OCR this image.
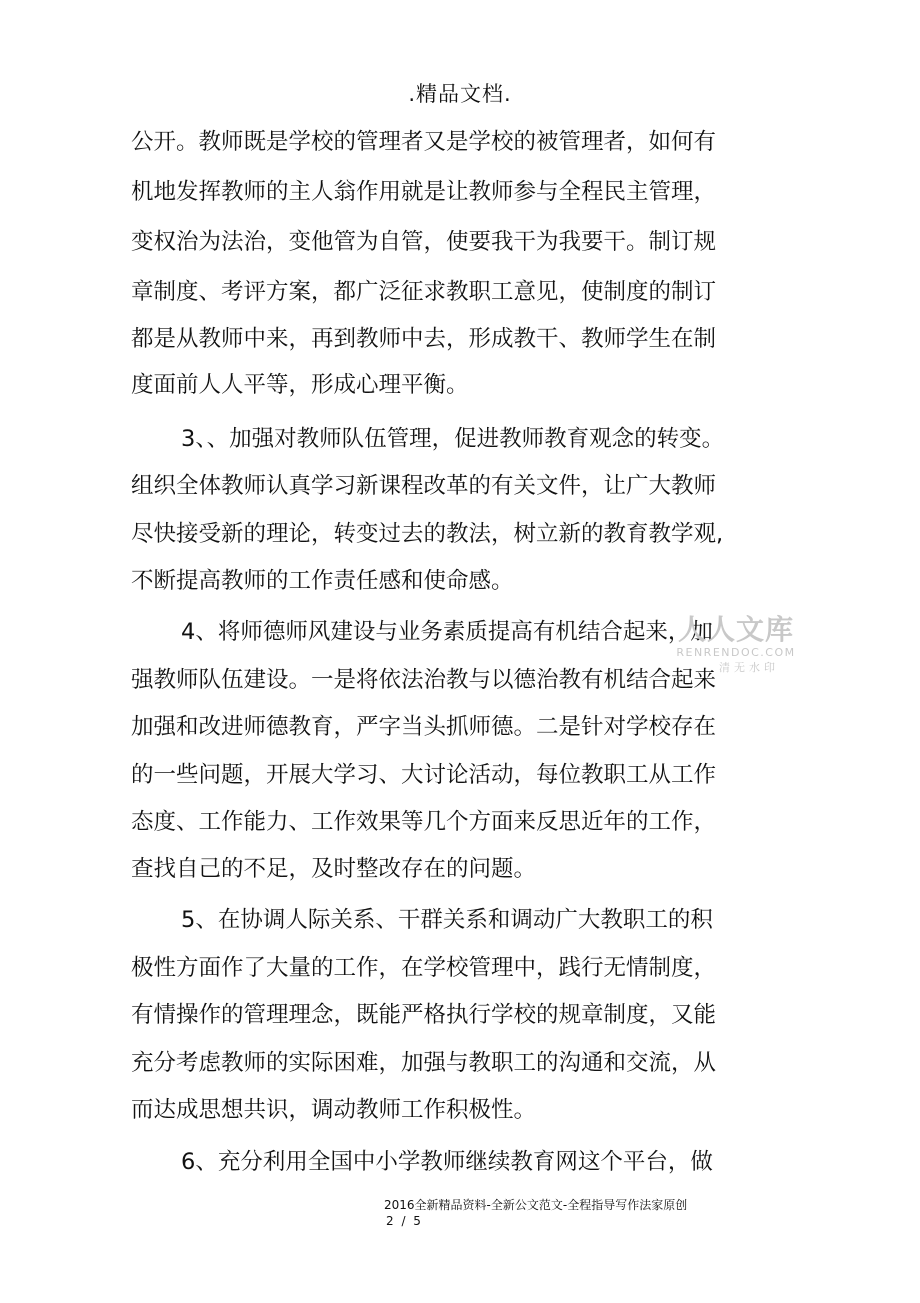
.精品文档.
公开。教师既是学校的管理者又是学校的被管理者，如何有
机地发挥教师的主人翁作用就是让教师参与全程民主管理，
变权治为法治，变他管为自管，使要我干为我要干。制订规
章制度、考评方案，都广泛征求教职工意见，使制度的制订
都是从教师中来，再到教师中去，形成教干、教师学生在制
度面前人人平等，形成心理平衡。
3、、加强对教师队伍管理，促进教师教育观念的转变。
组织全体教师认真学习新课程改革的有关文件，让广大教师
尽快接受新的理论，转变过去的教法，树立新的教育教学观,
不断提高教师的工作责任感和使命感。
4、将师德师风建设与业务素质提高有机结合起来，加
强教师队伍建设。一是将依法治教与以德治教有机结合起来
加强和改进师德教育，严字当头抓师德。二是针对学校存在
的一些问题，开展大学习、大讨论活动，每位教职工从工作
态度、工作能力、工作效果等几个方面来反思近年的工作，
查找自己的不足，及时整改存在的问题。
5、在协调人际关系、干群关系和调动广大教职工的积
极性方面作了大量的工作，在学校管理中，践行无情制度，
有情操作的管理理念，既能严格执行学校的规章制度，又能
充分考虑教师的实际困难，加强与教职工的沟通和交流，从
而达成思想共识，调动教师工作积极性。
6、充分利用全国中小学教师继续教育网这个平台，做
人人文库
RENRENDOC.COM
清无水印
2016全新精品资料-全新公文范文-全程指导写作法家原创
2 / 5
